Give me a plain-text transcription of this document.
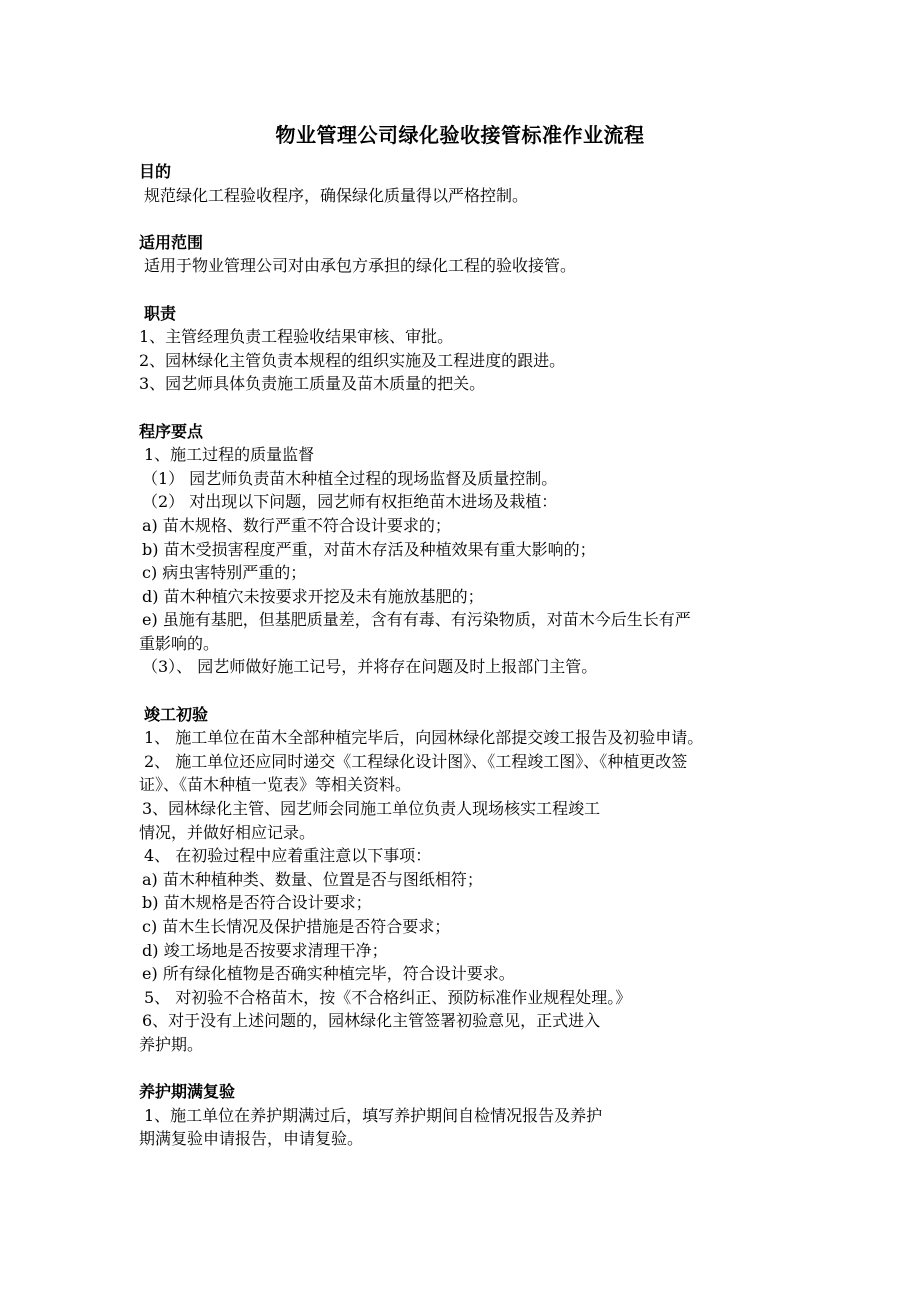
物业管理公司绿化验收接管标准作业流程
目的
规范绿化工程验收程序，确保绿化质量得以严格控制。
适用范围
适用于物业管理公司对由承包方承担的绿化工程的验收接管。
职责
1、主管经理负责工程验收结果审核、审批。
2、园林绿化主管负责本规程的组织实施及工程进度的跟进。
3、园艺师具体负责施工质量及苗木质量的把关。
程序要点
1、施工过程的质量监督
（1） 园艺师负责苗木种植全过程的现场监督及质量控制。
（2） 对出现以下问题，园艺师有权拒绝苗木进场及栽植：
a) 苗木规格、数行严重不符合设计要求的；
b) 苗木受损害程度严重，对苗木存活及种植效果有重大影响的；
c) 病虫害特别严重的；
d) 苗木种植穴未按要求开挖及未有施放基肥的；
e) 虽施有基肥，但基肥质量差，含有有毒、有污染物质，对苗木今后生长有严
重影响的。
（3）、 园艺师做好施工记号，并将存在问题及时上报部门主管。
竣工初验
1、 施工单位在苗木全部种植完毕后，向园林绿化部提交竣工报告及初验申请。
2、 施工单位还应同时递交《工程绿化设计图》、《工程竣工图》、《种植更改签
证》、《苗木种植一览表》等相关资料。
3、园林绿化主管、园艺师会同施工单位负责人现场核实工程竣工
情况，并做好相应记录。
4、 在初验过程中应着重注意以下事项：
a) 苗木种植种类、数量、位置是否与图纸相符；
b) 苗木规格是否符合设计要求；
c) 苗木生长情况及保护措施是否符合要求；
d) 竣工场地是否按要求清理干净；
e) 所有绿化植物是否确实种植完毕，符合设计要求。
5、 对初验不合格苗木，按《不合格纠正、预防标准作业规程处理。》
6、对于没有上述问题的，园林绿化主管签署初验意见，正式进入
养护期。
养护期满复验
1、施工单位在养护期满过后，填写养护期间自检情况报告及养护
期满复验申请报告，申请复验。
